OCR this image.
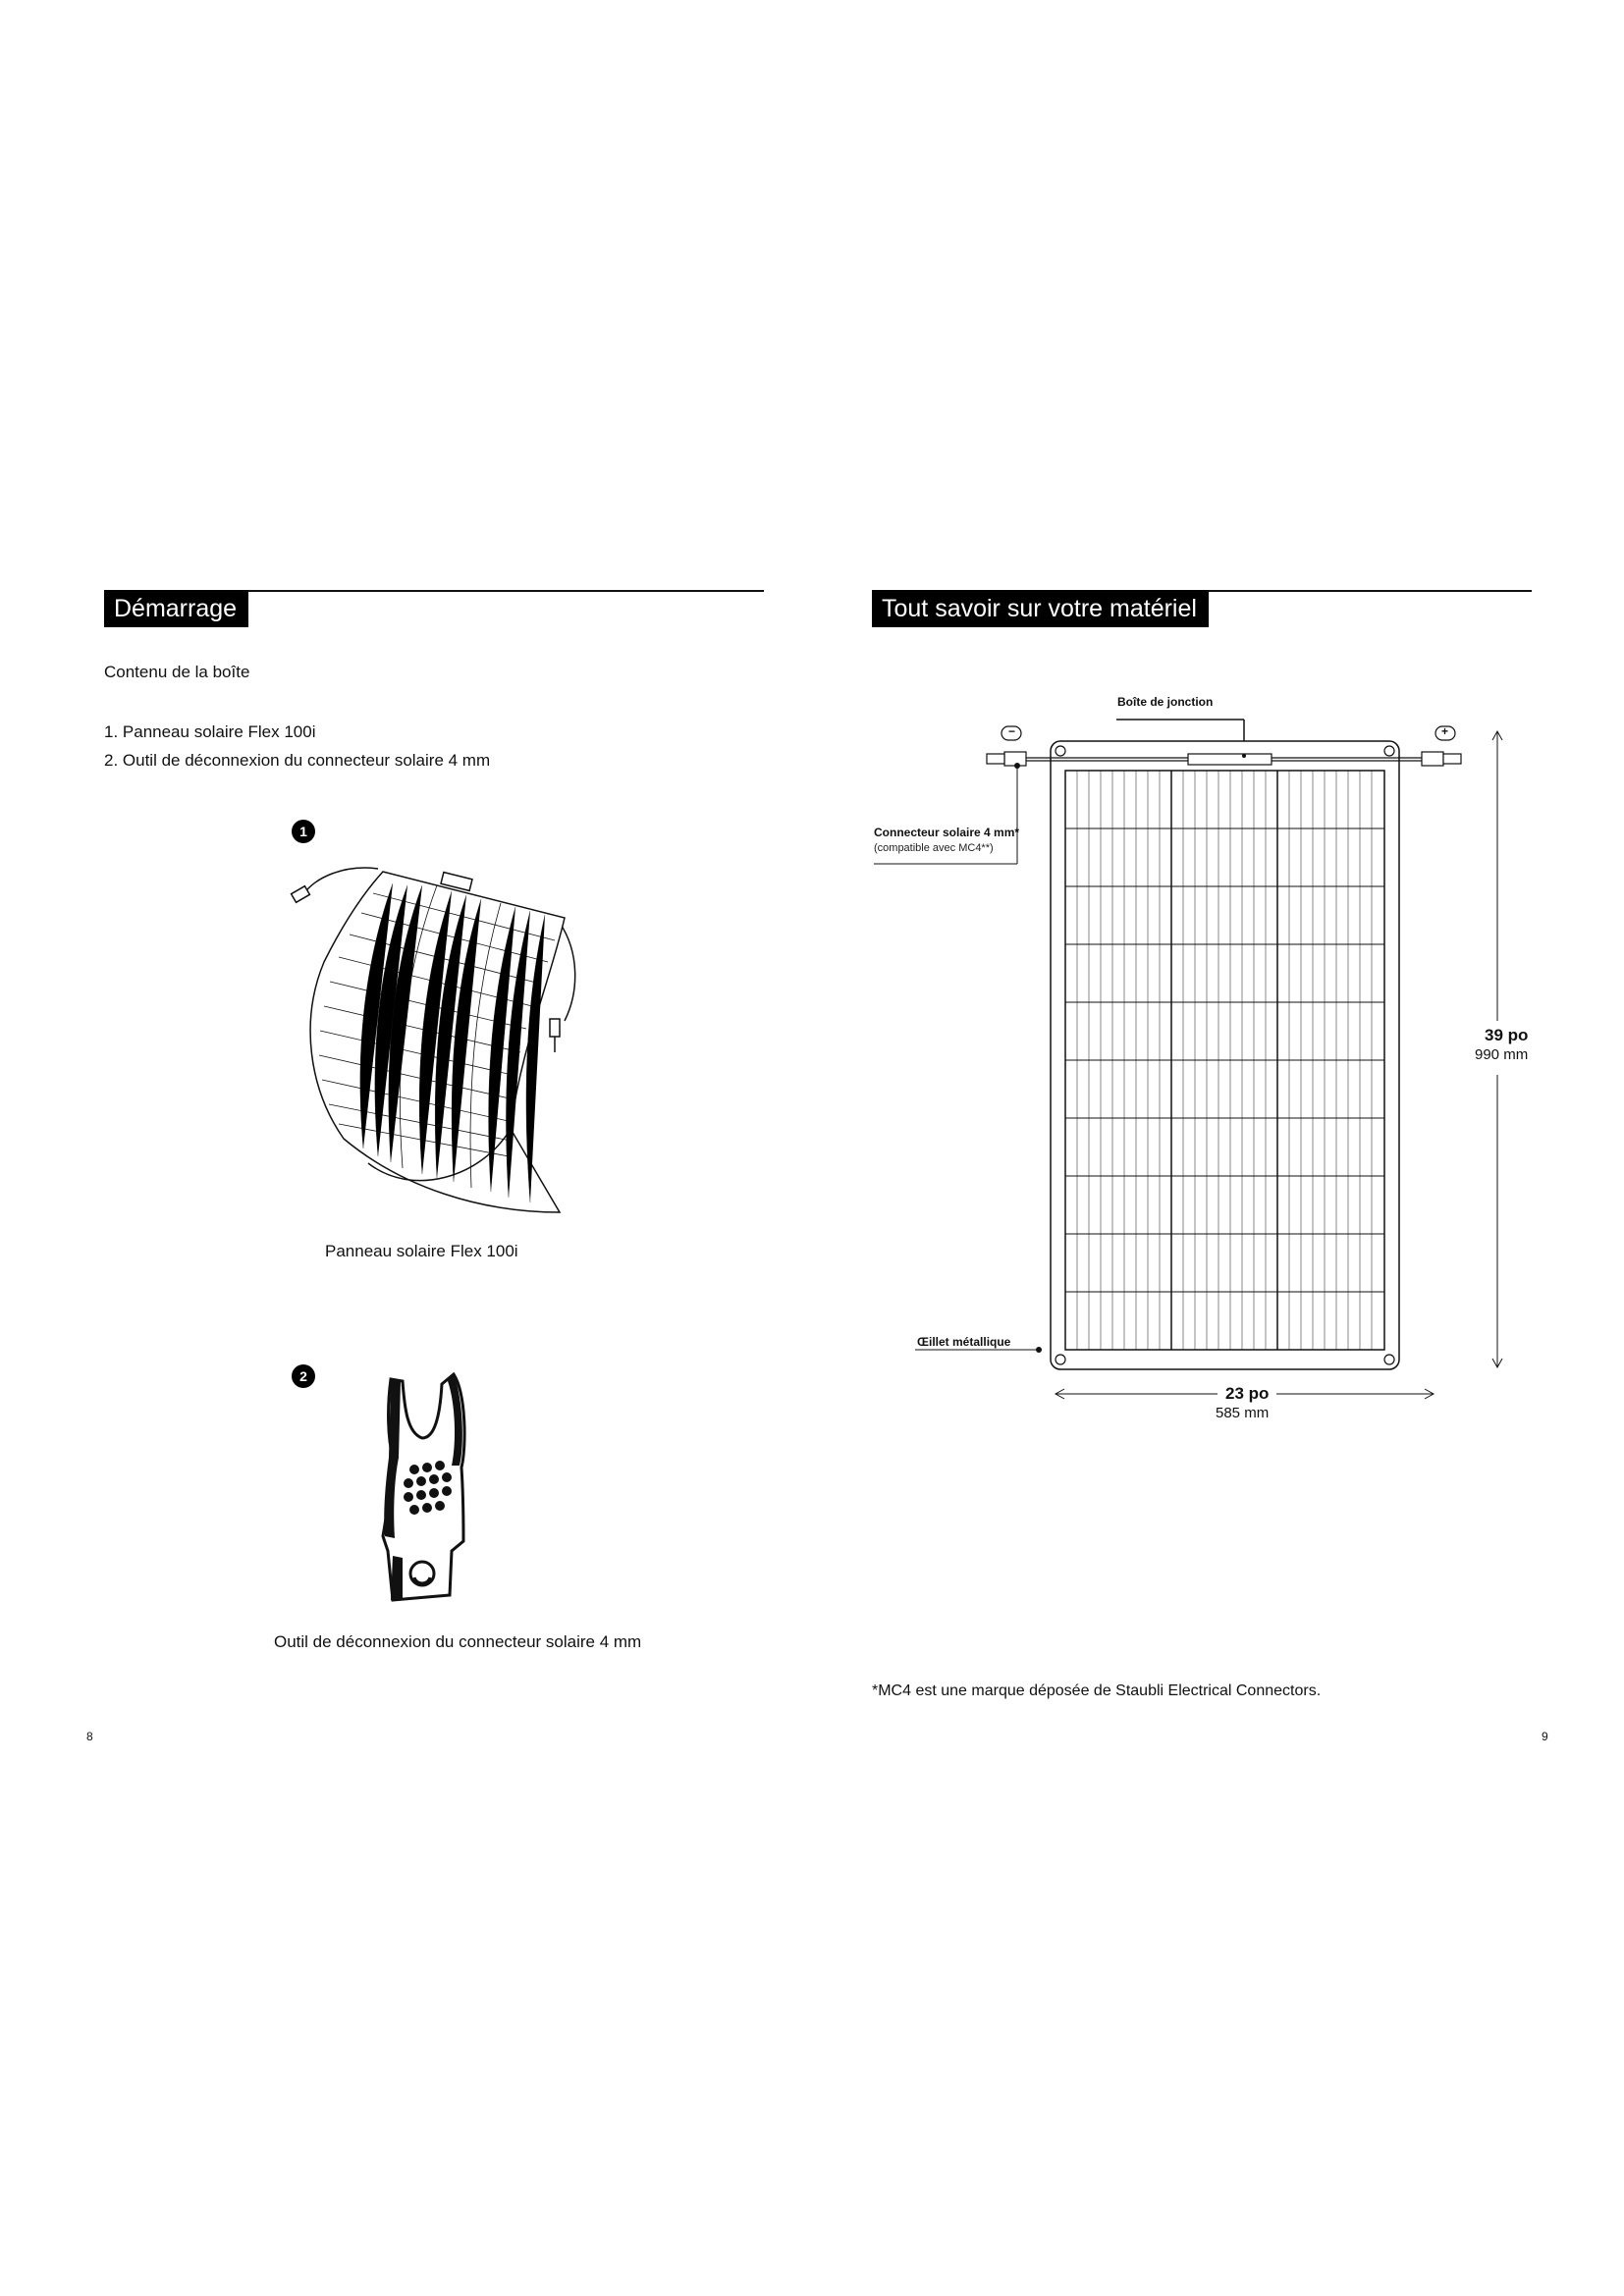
Démarrage
Contenu de la boîte
1. Panneau solaire Flex 100i
2. Outil de déconnexion du connecteur solaire 4 mm
1
Panneau solaire Flex 100i
2
Outil de déconnexion du connecteur solaire 4 mm
8
Tout savoir sur votre matériel
Boîte de jonction
−	+
Connecteur solaire 4 mm*
(compatible avec MC4**)
Œillet métallique
39 po
990 mm
23 po
585 mm
*MC4 est une marque déposée de Staubli Electrical Connectors.
9
